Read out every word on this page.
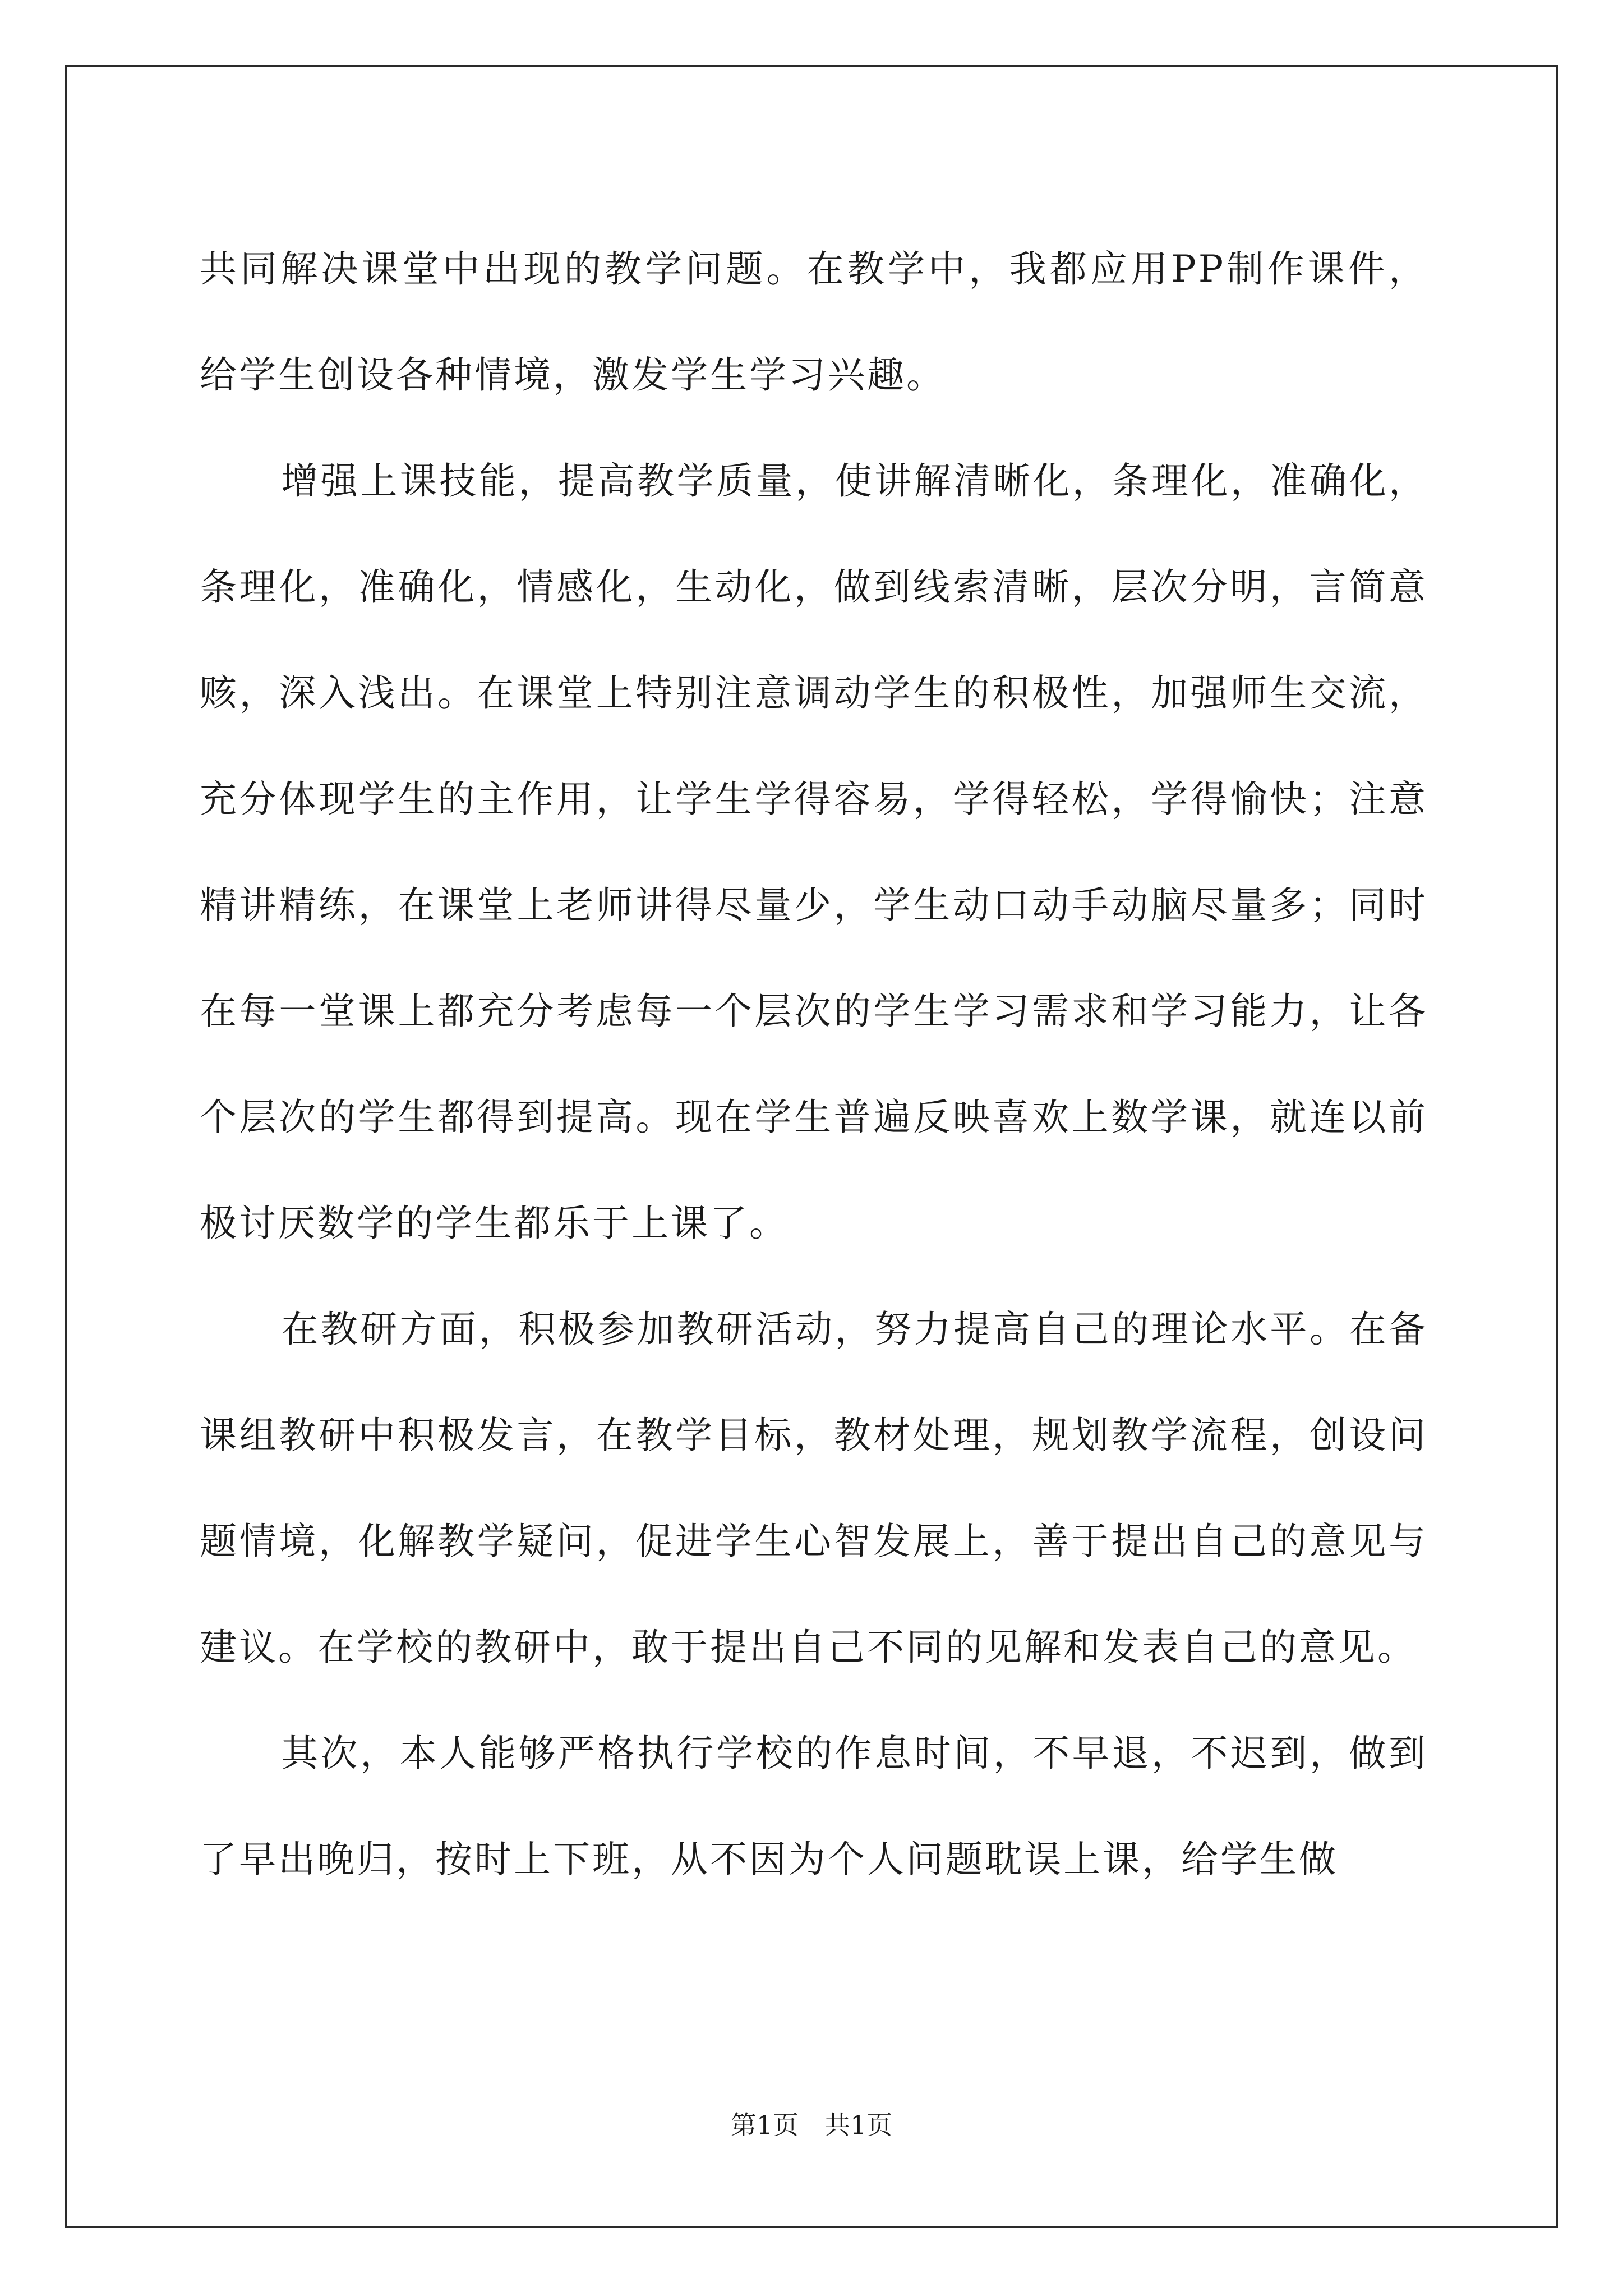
共同解决课堂中出现的教学问题。在教学中，我都应用PP制作课件，给学生创设各种情境，激发学生学习兴趣。

增强上课技能，提高教学质量，使讲解清晰化，条理化，准确化，条理化，准确化，情感化，生动化，做到线索清晰，层次分明，言简意赅，深入浅出。在课堂上特别注意调动学生的积极性，加强师生交流，充分体现学生的主作用，让学生学得容易，学得轻松，学得愉快；注意精讲精练，在课堂上老师讲得尽量少，学生动口动手动脑尽量多；同时在每一堂课上都充分考虑每一个层次的学生学习需求和学习能力，让各个层次的学生都得到提高。现在学生普遍反映喜欢上数学课，就连以前极讨厌数学的学生都乐于上课了。

在教研方面，积极参加教研活动，努力提高自己的理论水平。在备课组教研中积极发言，在教学目标，教材处理，规划教学流程，创设问题情境，化解教学疑问，促进学生心智发展上，善于提出自己的意见与建议。在学校的教研中，敢于提出自己不同的见解和发表自己的意见。

其次，本人能够严格执行学校的作息时间，不早退，不迟到，做到了早出晚归，按时上下班，从不因为个人问题耽误上课，给学生做

第1页 共1页
